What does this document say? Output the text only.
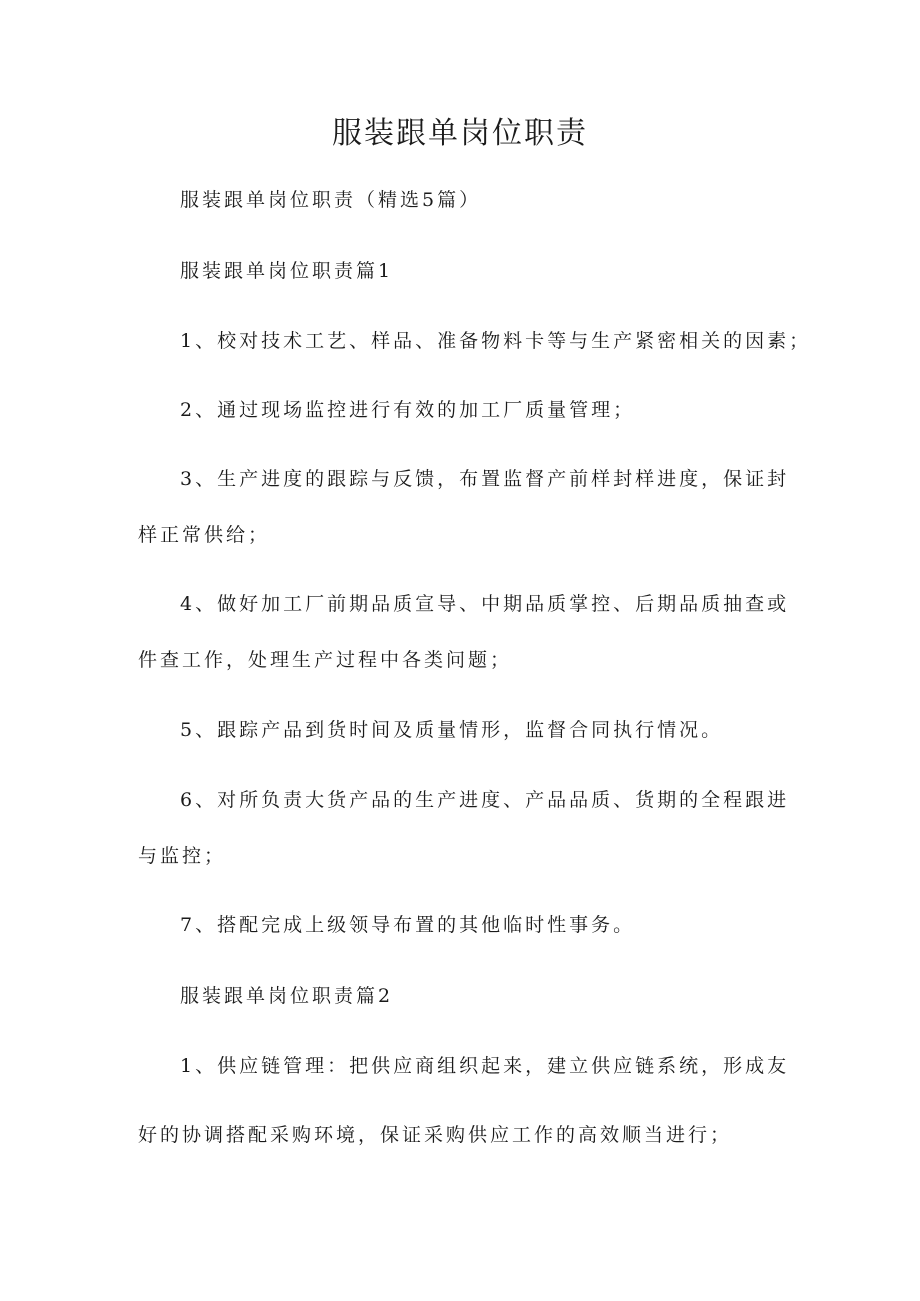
服装跟单岗位职责
服装跟单岗位职责（精选5篇）
服装跟单岗位职责篇1
1、校对技术工艺、样品、准备物料卡等与生产紧密相关的因素；
2、通过现场监控进行有效的加工厂质量管理；
3、生产进度的跟踪与反馈，布置监督产前样封样进度，保证封
样正常供给；
4、做好加工厂前期品质宣导、中期品质掌控、后期品质抽查或
件查工作，处理生产过程中各类问题；
5、跟踪产品到货时间及质量情形，监督合同执行情况。
6、对所负责大货产品的生产进度、产品品质、货期的全程跟进
与监控；
7、搭配完成上级领导布置的其他临时性事务。
服装跟单岗位职责篇2
1、供应链管理：把供应商组织起来，建立供应链系统，形成友
好的协调搭配采购环境，保证采购供应工作的高效顺当进行；
